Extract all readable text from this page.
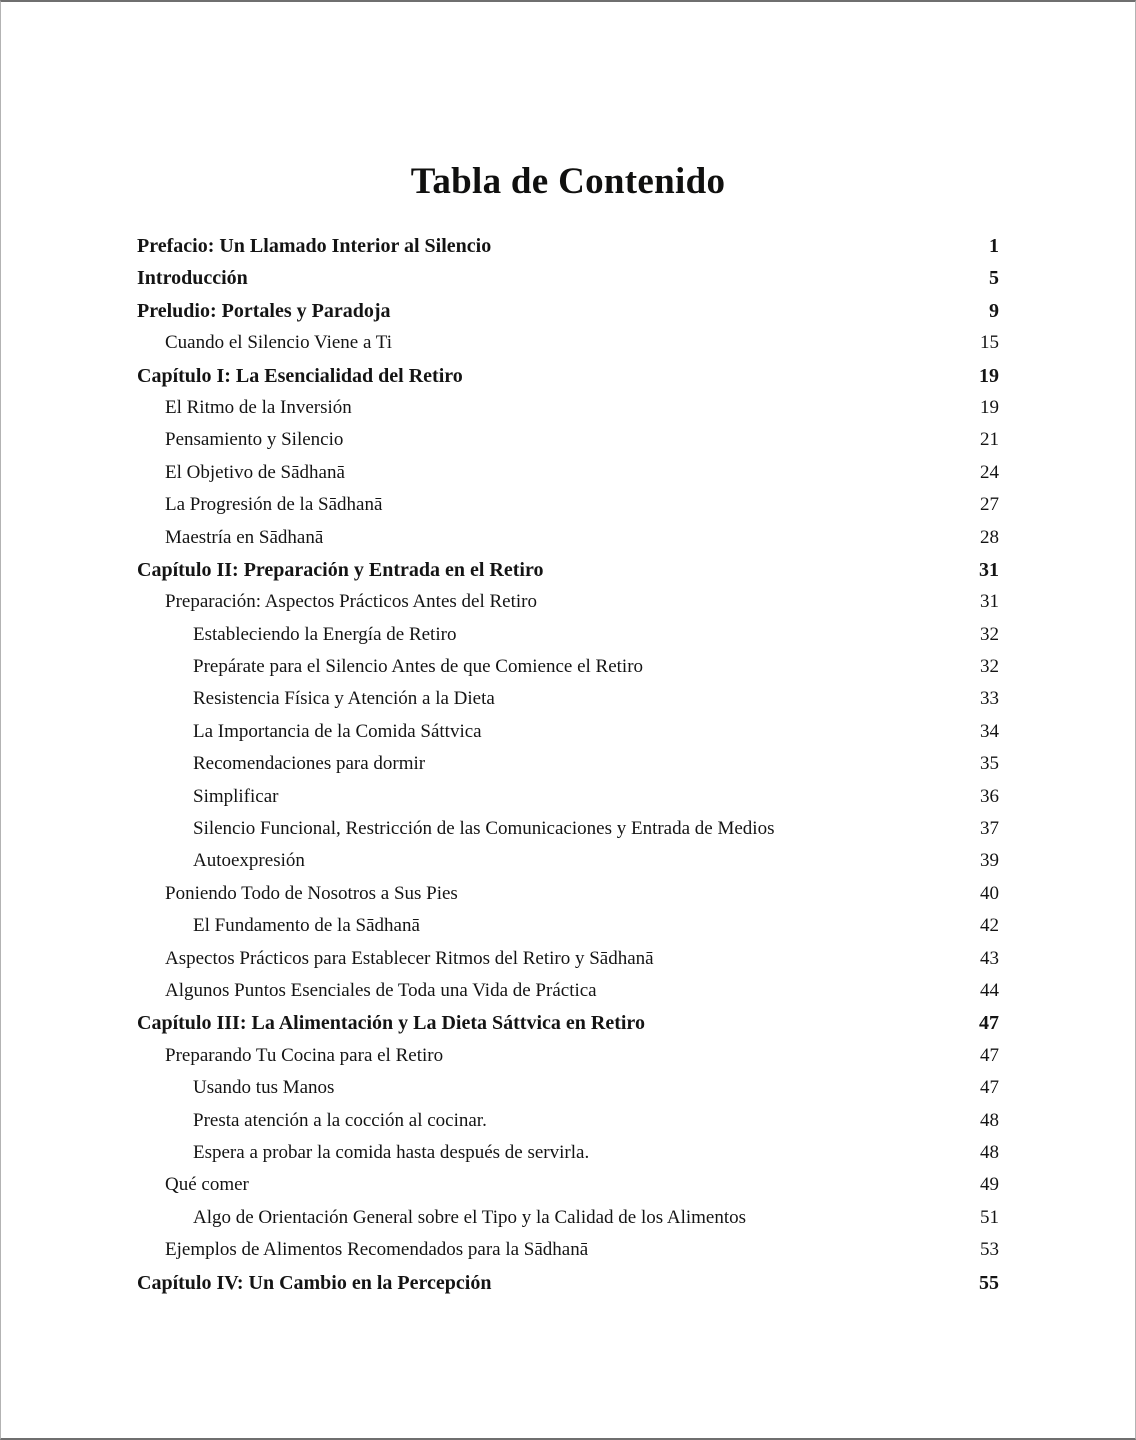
Tabla de Contenido
Prefacio: Un Llamado Interior al Silencio	1
Introducción	5
Preludio: Portales y Paradoja	9
Cuando el Silencio Viene a Ti	15
Capítulo I: La Esencialidad del Retiro	19
El Ritmo de la Inversión	19
Pensamiento y Silencio	21
El Objetivo de Sādhanā	24
La Progresión de la Sādhanā	27
Maestría en Sādhanā	28
Capítulo II: Preparación y Entrada en el Retiro	31
Preparación: Aspectos Prácticos Antes del Retiro	31
Estableciendo la Energía de Retiro	32
Prepárate para el Silencio Antes de que Comience el Retiro	32
Resistencia Física y Atención a la Dieta	33
La Importancia de la Comida Sáttvica	34
Recomendaciones para dormir	35
Simplificar	36
Silencio Funcional, Restricción de las Comunicaciones y Entrada de Medios	37
Autoexpresión	39
Poniendo Todo de Nosotros a Sus Pies	40
El Fundamento de la Sādhanā	42
Aspectos Prácticos para Establecer Ritmos del Retiro y Sādhanā	43
Algunos Puntos Esenciales de Toda una Vida de Práctica	44
Capítulo III: La Alimentación y La Dieta Sáttvica en Retiro	47
Preparando Tu Cocina para el Retiro	47
Usando tus Manos	47
Presta atención a la cocción al cocinar.	48
Espera a probar la comida hasta después de servirla.	48
Qué comer	49
Algo de Orientación General sobre el Tipo y la Calidad de los Alimentos	51
Ejemplos de Alimentos Recomendados para la Sādhanā	53
Capítulo IV: Un Cambio en la Percepción	55
